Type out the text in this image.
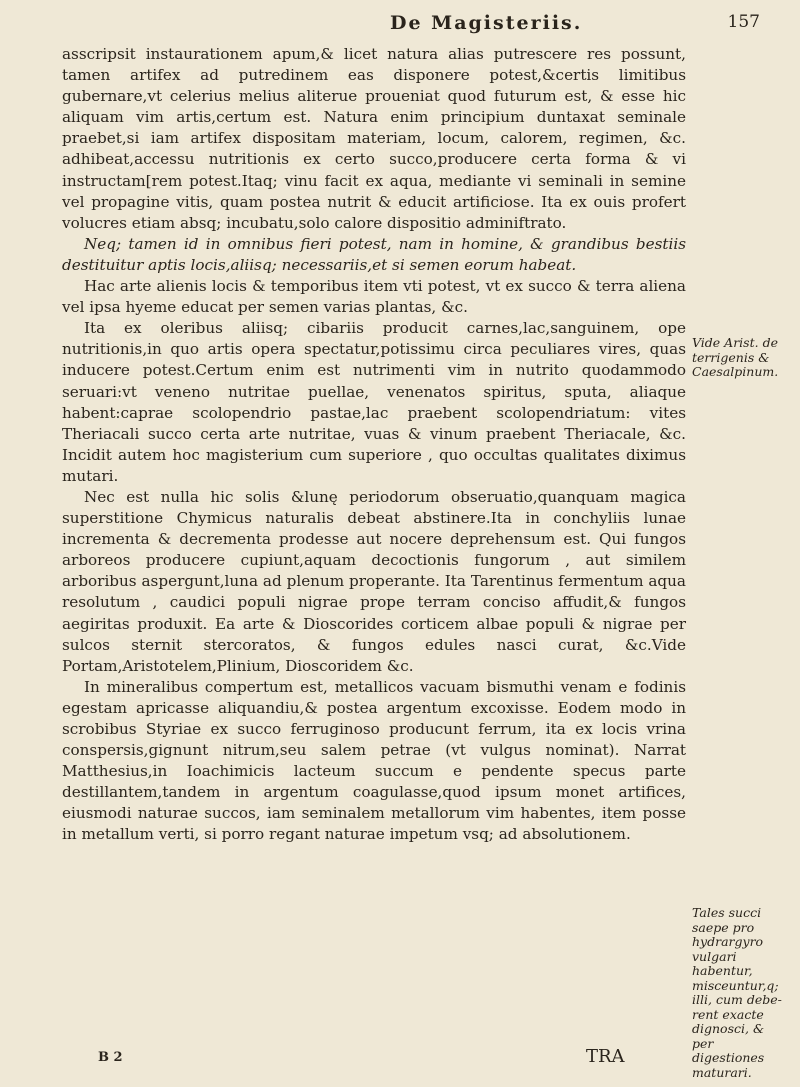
De Magisteriis.	157

asscripsit instaurationem apum,& licet natura alias putrescere res possunt, tamen artifex ad putredinem eas disponere potest,&certis limitibus gubernare,vt celerius melius aliterue proueniat quod futurum est, & esse hic aliquam vim artis,certum est. Natura enim principium duntaxat seminale praebet,si iam artifex dispositam materiam, locum, calorem, regimen, &c. adhibeat,accessu nutritionis ex certo succo,producere certa forma & vi instructam[rem potest.Itaq; vinu facit ex aqua, mediante vi seminali in semine vel propagine vitis, quam postea nutrit & educit artificiose. Ita ex ouis profert volucres etiam absq; incubatu,solo calore dispositio adminiftrato.

Neq; tamen id in omnibus fieri potest, nam in homine, & grandibus bestiis destituitur aptis locis,aliisq; necessariis,et si semen eorum habeat.

Hac arte alienis locis & temporibus item vti potest, vt ex succo & terra aliena vel ipsa hyeme educat per semen varias plantas, &c.

Ita ex oleribus aliisq; cibariis producit carnes,lac,sanguinem, ope nutritionis,in quo artis opera spectatur,potissimu circa peculiares vires, quas inducere potest.Certum enim est nutrimenti vim in nutrito quodammodo seruari:vt veneno nutritae puellae, venenatos spiritus, sputa, aliaque habent:caprae scolopendrio pastae,lac praebent scolopendriatum: vites Theriacali succo certa arte nutritae, vuas & vinum praebent Theriacale, &c. Incidit autem hoc magisterium cum superiore , quo occultas qualitates diximus mutari.

Nec est nulla hic solis &lunę periodorum obseruatio,quanquam magica superstitione Chymicus naturalis debeat abstinere.Ita in conchyliis lunae incrementa & decrementa prodesse aut nocere deprehensum est. Qui fungos arboreos producere cupiunt,aquam decoctionis fungorum , aut similem arboribus aspergunt,luna ad plenum properante. Ita Tarentinus fermentum aqua resolutum , caudici populi nigrae prope terram conciso affudit,& fungos aegiritas produxit. Ea arte & Dioscorides corticem albae populi & nigrae per sulcos sternit stercoratos, & fungos edules nasci curat, &c.Vide Portam,Aristotelem,Plinium, Dioscoridem &c.

In mineralibus compertum est, metallicos vacuam bismuthi venam e fodinis egestam apricasse aliquandiu,& postea argentum excoxisse. Eodem modo in scrobibus Styriae ex succo ferruginoso producunt ferrum, ita ex locis vrina conspersis,gignunt nitrum,seu salem petrae (vt vulgus nominat). Narrat Matthesius,in Ioachimicis lacteum succum e pendente specus parte destillantem,tandem in argentum coagulasse,quod ipsum monet artifices, eiusmodi naturae succos, iam seminalem metallorum vim habentes, item posse in metallum verti, si porro regant naturae impetum vsq; ad absolutionem.

Vide Arist. de terrigenis & Caesalpinum.
Tales succi saepe pro hydrargyro vulgari habentur, misceuntur,q; illi, cum debe- rent exacte dignosci, & per digestiones maturari.
B 2	TRA
